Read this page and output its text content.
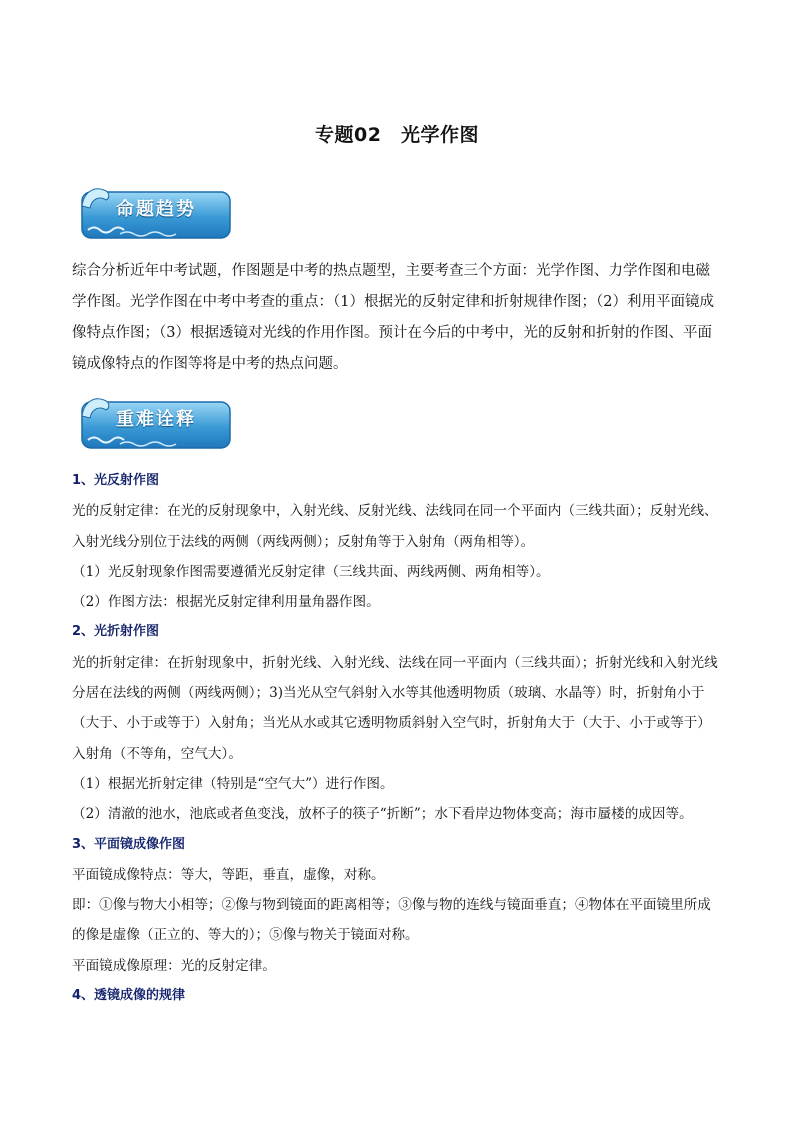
专题02　光学作图
命题趋势

综合分析近年中考试题，作图题是中考的热点题型，主要考查三个方面：光学作图、力学作图和电磁学作图。光学作图在中考中考查的重点：（1）根据光的反射定律和折射规律作图；（2）利用平面镜成像特点作图；（3）根据透镜对光线的作用作图。预计在今后的中考中，光的反射和折射的作图、平面镜成像特点的作图等将是中考的热点问题。

重难诠释

1、光反射作图

光的反射定律：在光的反射现象中，入射光线、反射光线、法线同在同一个平面内（三线共面）；反射光线、入射光线分别位于法线的两侧（两线两侧）；反射角等于入射角（两角相等）。

（1）光反射现象作图需要遵循光反射定律（三线共面、两线两侧、两角相等）。

（2）作图方法：根据光反射定律利用量角器作图。

2、光折射作图

光的折射定律：在折射现象中，折射光线、入射光线、法线在同一平面内（三线共面）；折射光线和入射光线分居在法线的两侧（两线两侧）；3)当光从空气斜射入水等其他透明物质（玻璃、水晶等）时，折射角小于（大于、小于或等于）入射角；当光从水或其它透明物质斜射入空气时，折射角大于（大于、小于或等于）入射角（不等角，空气大）。

（1）根据光折射定律（特别是“空气大”）进行作图。

（2）清澈的池水，池底或者鱼变浅，放杯子的筷子“折断”；水下看岸边物体变高；海市蜃楼的成因等。

3、平面镜成像作图

平面镜成像特点：等大，等距，垂直，虚像，对称。

即：①像与物大小相等；②像与物到镜面的距离相等；③像与物的连线与镜面垂直；④物体在平面镜里所成的像是虚像（正立的、等大的）；⑤像与物关于镜面对称。

平面镜成像原理：光的反射定律。

4、透镜成像的规律
